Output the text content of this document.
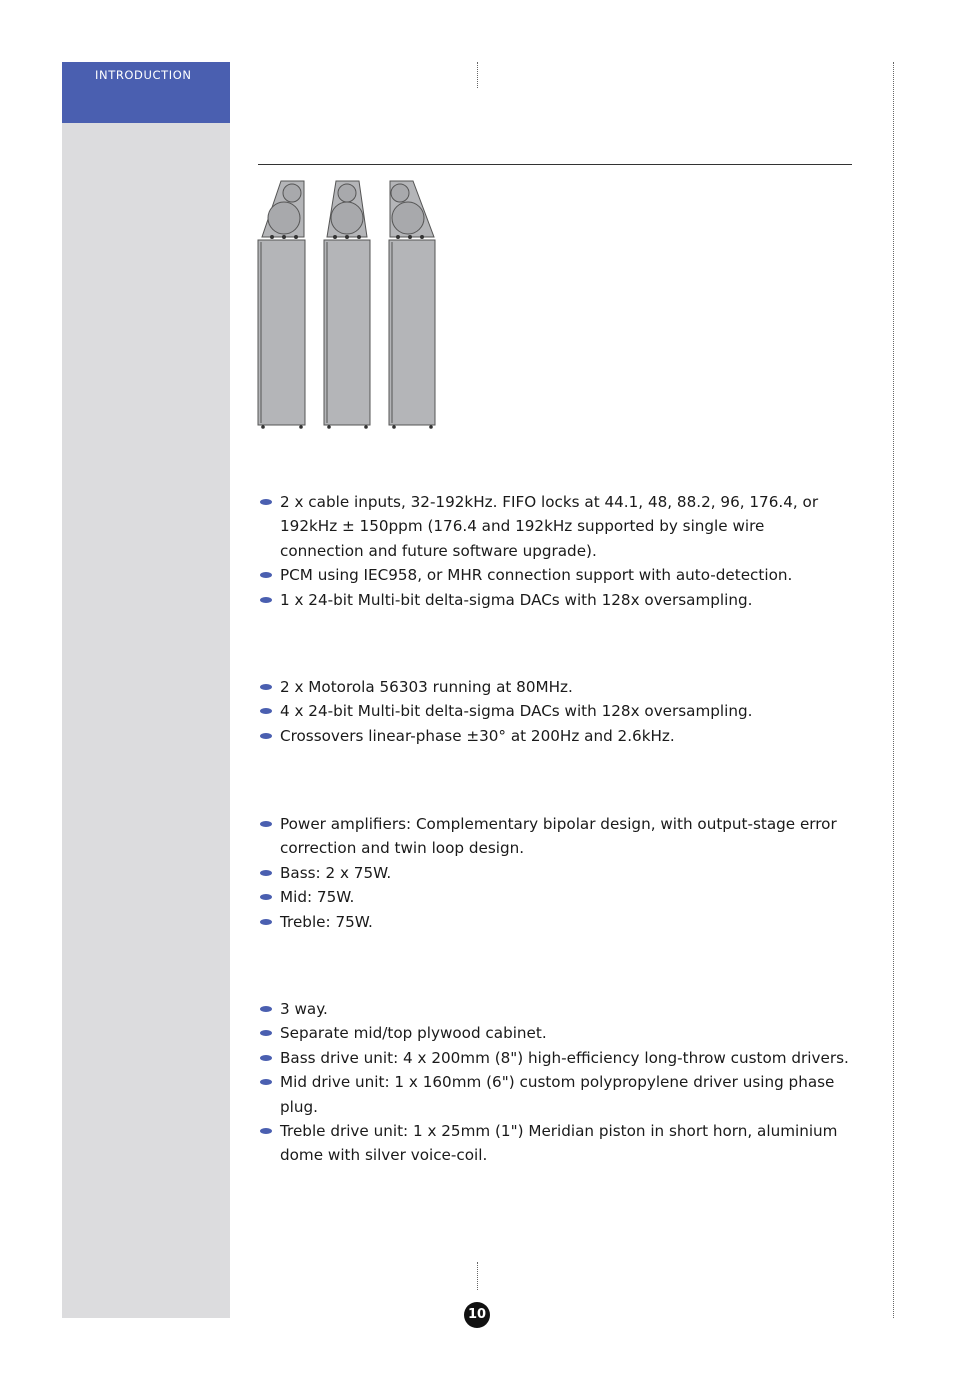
INTRODUCTION
2 x cable inputs, 32-192kHz. FIFO locks at 44.1, 48, 88.2, 96, 176.4, or 192kHz ± 150ppm (176.4 and 192kHz supported by single wire connection and future software upgrade).
PCM using IEC958, or MHR connection support with auto-detection.
1 x 24-bit Multi-bit delta-sigma DACs with 128x oversampling.
2 x Motorola 56303 running at 80MHz.
4 x 24-bit Multi-bit delta-sigma DACs with 128x oversampling.
Crossovers linear-phase ±30° at 200Hz and 2.6kHz.
Power amplifiers: Complementary bipolar design, with output-stage error correction and twin loop design.
Bass: 2 x 75W.
Mid: 75W.
Treble: 75W.
3 way.
Separate mid/top plywood cabinet.
Bass drive unit: 4 x 200mm (8") high-efficiency long-throw custom drivers.
Mid drive unit: 1 x 160mm (6") custom polypropylene driver using phase plug.
Treble drive unit: 1 x 25mm (1") Meridian piston in short horn, aluminium dome with silver voice-coil.
10
